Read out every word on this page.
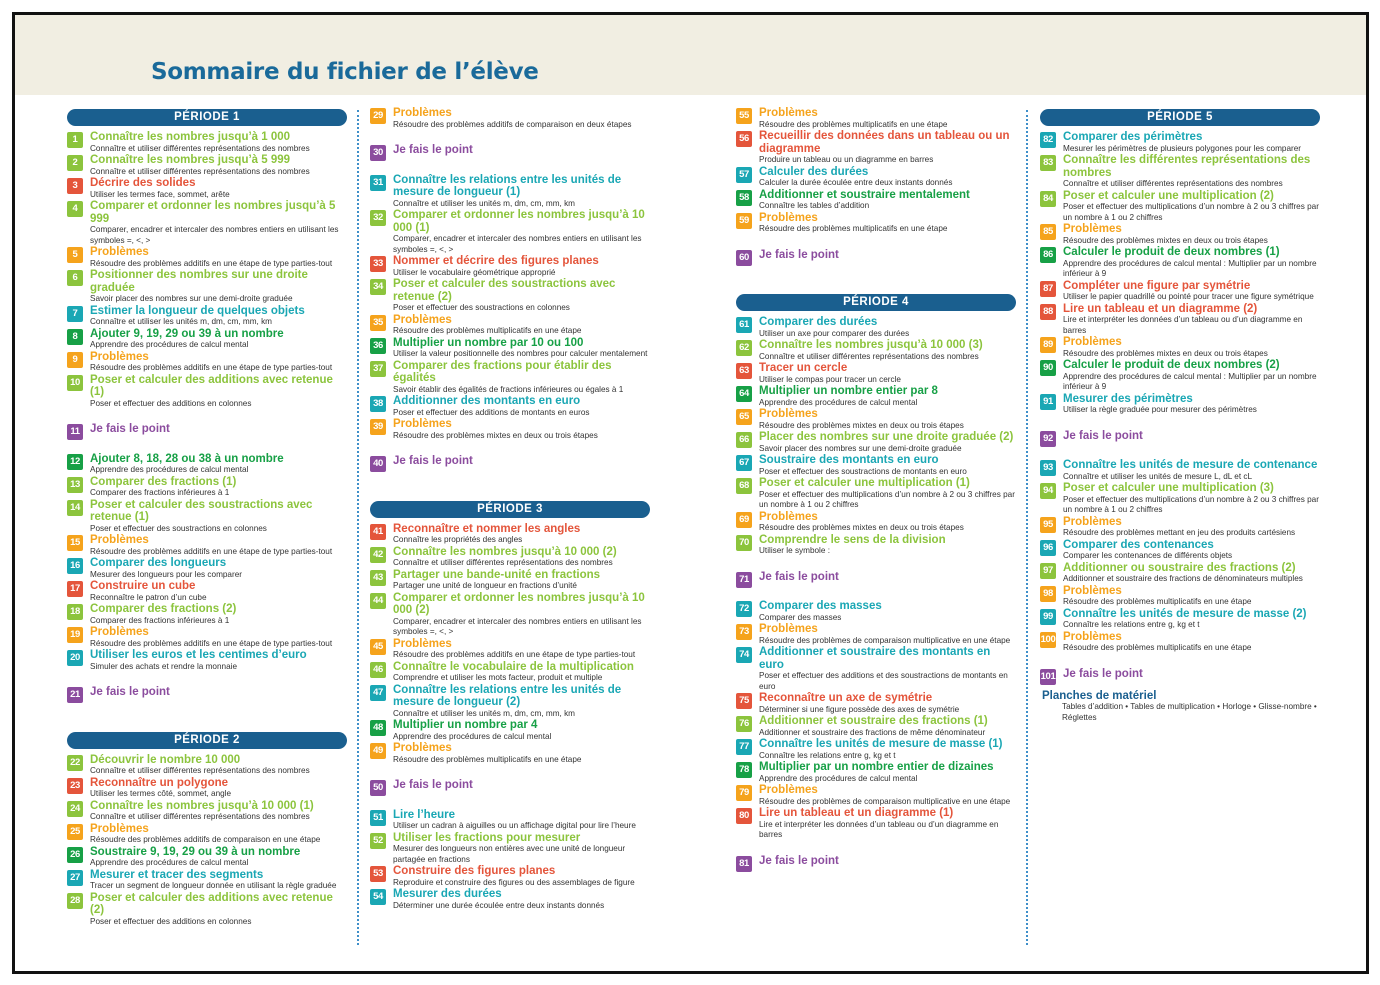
Sommaire du fichier de l’élève
PÉRIODE 1
1	Connaître les nombres jusqu’à 1 000
Connaître et utiliser différentes représentations des nombres
2	Connaître les nombres jusqu’à 5 999
Connaître et utiliser différentes représentations des nombres
3	Décrire des solides
Utiliser les termes face, sommet, arête
4	Comparer et ordonner les nombres jusqu’à 5 999
Comparer, encadrer et intercaler des nombres entiers en utilisant les symboles =, <, >
5	Problèmes
Résoudre des problèmes additifs en une étape de type parties-tout
6	Positionner des nombres sur une droite graduée
Savoir placer des nombres sur une demi-droite graduée
7	Estimer la longueur de quelques objets
Connaître et utiliser les unités m, dm, cm, mm, km
8	Ajouter 9, 19, 29 ou 39 à un nombre
Apprendre des procédures de calcul mental
9	Problèmes
Résoudre des problèmes additifs en une étape de type parties-tout
10 Poser et calculer des additions avec retenue (1)
Poser et effectuer des additions en colonnes
11 Je fais le point
12 Ajouter 8, 18, 28 ou 38 à un nombre
Apprendre des procédures de calcul mental
13 Comparer des fractions (1)
Comparer des fractions inférieures à 1
14 Poser et calculer des soustractions avec retenue (1)
Poser et effectuer des soustractions en colonnes
15 Problèmes
Résoudre des problèmes additifs en une étape de type parties-tout
16 Comparer des longueurs
Mesurer des longueurs pour les comparer
17 Construire un cube
Reconnaître le patron d’un cube
18 Comparer des fractions (2)
Comparer des fractions inférieures à 1
19 Problèmes
Résoudre des problèmes additifs en une étape de type parties-tout
20 Utiliser les euros et les centimes d’euro
Simuler des achats et rendre la monnaie
21 Je fais le point
PÉRIODE 2
22 Découvrir le nombre 10 000
Connaître et utiliser différentes représentations des nombres
23 Reconnaître un polygone
Utiliser les termes côté, sommet, angle
24 Connaître les nombres jusqu’à 10 000 (1)
Connaître et utiliser différentes représentations des nombres
25 Problèmes
Résoudre des problèmes additifs de comparaison en une étape
26 Soustraire 9, 19, 29 ou 39 à un nombre
Apprendre des procédures de calcul mental
27 Mesurer et tracer des segments
Tracer un segment de longueur donnée en utilisant la règle graduée
28 Poser et calculer des additions avec retenue (2)
Poser et effectuer des additions en colonnes
29 Problèmes
Résoudre des problèmes additifs de comparaison en deux étapes
30 Je fais le point
31 Connaître les relations entre les unités de mesure de longueur (1)
Connaître et utiliser les unités m, dm, cm, mm, km
32 Comparer et ordonner les nombres jusqu’à 10 000 (1)
Comparer, encadrer et intercaler des nombres entiers en utilisant les symboles =, <, >
33 Nommer et décrire des figures planes
Utiliser le vocabulaire géométrique approprié
34 Poser et calculer des soustractions avec retenue (2)
Poser et effectuer des soustractions en colonnes
35 Problèmes
Résoudre des problèmes multiplicatifs en une étape
36 Multiplier un nombre par 10 ou 100
Utiliser la valeur positionnelle des nombres pour calculer mentalement
37 Comparer des fractions pour établir des égalités
Savoir établir des égalités de fractions inférieures ou égales à 1
38 Additionner des montants en euro
Poser et effectuer des additions de montants en euros
39 Problèmes
Résoudre des problèmes mixtes en deux ou trois étapes
40 Je fais le point
PÉRIODE 3
41 Reconnaître et nommer les angles
Connaître les propriétés des angles
42 Connaître les nombres jusqu’à 10 000 (2)
Connaître et utiliser différentes représentations des nombres
43 Partager une bande-unité en fractions
Partager une unité de longueur en fractions d’unité
44 Comparer et ordonner les nombres jusqu’à 10 000 (2)
Comparer, encadrer et intercaler des nombres entiers en utilisant les symboles =, <, >
45 Problèmes
Résoudre des problèmes additifs en une étape de type parties-tout
46 Connaître le vocabulaire de la multiplication
Comprendre et utiliser les mots facteur, produit et multiple
47 Connaître les relations entre les unités de mesure de longueur (2)
Connaître et utiliser les unités m, dm, cm, mm, km
48 Multiplier un nombre par 4
Apprendre des procédures de calcul mental
49 Problèmes
Résoudre des problèmes multiplicatifs en une étape
50 Je fais le point
51 Lire l’heure
Utiliser un cadran à aiguilles ou un affichage digital pour lire l’heure
52 Utiliser les fractions pour mesurer
Mesurer des longueurs non entières avec une unité de longueur partagée en fractions
53 Construire des figures planes
Reproduire et construire des figures ou des assemblages de figure
54 Mesurer des durées
Déterminer une durée écoulée entre deux instants donnés
55 Problèmes
Résoudre des problèmes multiplicatifs en une étape
56 Recueillir des données dans un tableau ou un diagramme
Produire un tableau ou un diagramme en barres
57 Calculer des durées
Calculer la durée écoulée entre deux instants donnés
58 Additionner et soustraire mentalement
Connaître les tables d’addition
59 Problèmes
Résoudre des problèmes multiplicatifs en une étape
60 Je fais le point
PÉRIODE 4
61 Comparer des durées
Utiliser un axe pour comparer des durées
62 Connaître les nombres jusqu’à 10 000 (3)
Connaître et utiliser différentes représentations des nombres
63 Tracer un cercle
Utiliser le compas pour tracer un cercle
64 Multiplier un nombre entier par 8
Apprendre des procédures de calcul mental
65 Problèmes
Résoudre des problèmes mixtes en deux ou trois étapes
66 Placer des nombres sur une droite graduée (2)
Savoir placer des nombres sur une demi-droite graduée
67 Soustraire des montants en euro
Poser et effectuer des soustractions de montants en euro
68 Poser et calculer une multiplication (1)
Poser et effectuer des multiplications d’un nombre à 2 ou 3 chiffres par un nombre à 1 ou 2 chiffres
69 Problèmes
Résoudre des problèmes mixtes en deux ou trois étapes
70 Comprendre le sens de la division
Utiliser le symbole :
71 Je fais le point
72 Comparer des masses
Comparer des masses
73 Problèmes
Résoudre des problèmes de comparaison multiplicative en une étape
74 Additionner et soustraire des montants en euro
Poser et effectuer des additions et des soustractions de montants en euro
75 Reconnaître un axe de symétrie
Déterminer si une figure possède des axes de symétrie
76 Additionner et soustraire des fractions (1)
Additionner et soustraire des fractions de même dénominateur
77 Connaître les unités de mesure de masse (1)
Connaître les relations entre g, kg et t
78 Multiplier par un nombre entier de dizaines
Apprendre des procédures de calcul mental
79 Problèmes
Résoudre des problèmes de comparaison multiplicative en une étape
80 Lire un tableau et un diagramme (1)
Lire et interpréter les données d’un tableau ou d’un diagramme en barres
81 Je fais le point
PÉRIODE 5
82 Comparer des périmètres
Mesurer les périmètres de plusieurs polygones pour les comparer
83 Connaître les différentes représentations des nombres
Connaître et utiliser différentes représentations des nombres
84 Poser et calculer une multiplication (2)
Poser et effectuer des multiplications d’un nombre à 2 ou 3 chiffres par un nombre à 1 ou 2 chiffres
85 Problèmes
Résoudre des problèmes mixtes en deux ou trois étapes
86 Calculer le produit de deux nombres (1)
Apprendre des procédures de calcul mental : Multiplier par un nombre inférieur à 9
87 Compléter une figure par symétrie
Utiliser le papier quadrillé ou pointé pour tracer une figure symétrique
88 Lire un tableau et un diagramme (2)
Lire et interpréter les données d’un tableau ou d’un diagramme en barres
89 Problèmes
Résoudre des problèmes mixtes en deux ou trois étapes
90 Calculer le produit de deux nombres (2)
Apprendre des procédures de calcul mental : Multiplier par un nombre inférieur à 9
91 Mesurer des périmètres
Utiliser la règle graduée pour mesurer des périmètres
92 Je fais le point
93 Connaître les unités de mesure de contenance
Connaître et utiliser les unités de mesure L, dL et cL
94 Poser et calculer une multiplication (3)
Poser et effectuer des multiplications d’un nombre à 2 ou 3 chiffres par un nombre à 1 ou 2 chiffres
95 Problèmes
Résoudre des problèmes mettant en jeu des produits cartésiens
96 Comparer des contenances
Comparer les contenances de différents objets
97 Additionner ou soustraire des fractions (2)
Additionner et soustraire des fractions de dénominateurs multiples
98 Problèmes
Résoudre des problèmes multiplicatifs en une étape
99 Connaître les unités de mesure de masse (2)
Connaître les relations entre g, kg et t
100 Problèmes
Résoudre des problèmes multiplicatifs en une étape
101 Je fais le point
Planches de matériel
Tables d’addition • Tables de multiplication • Horloge • Glisse-nombre • Réglettes
